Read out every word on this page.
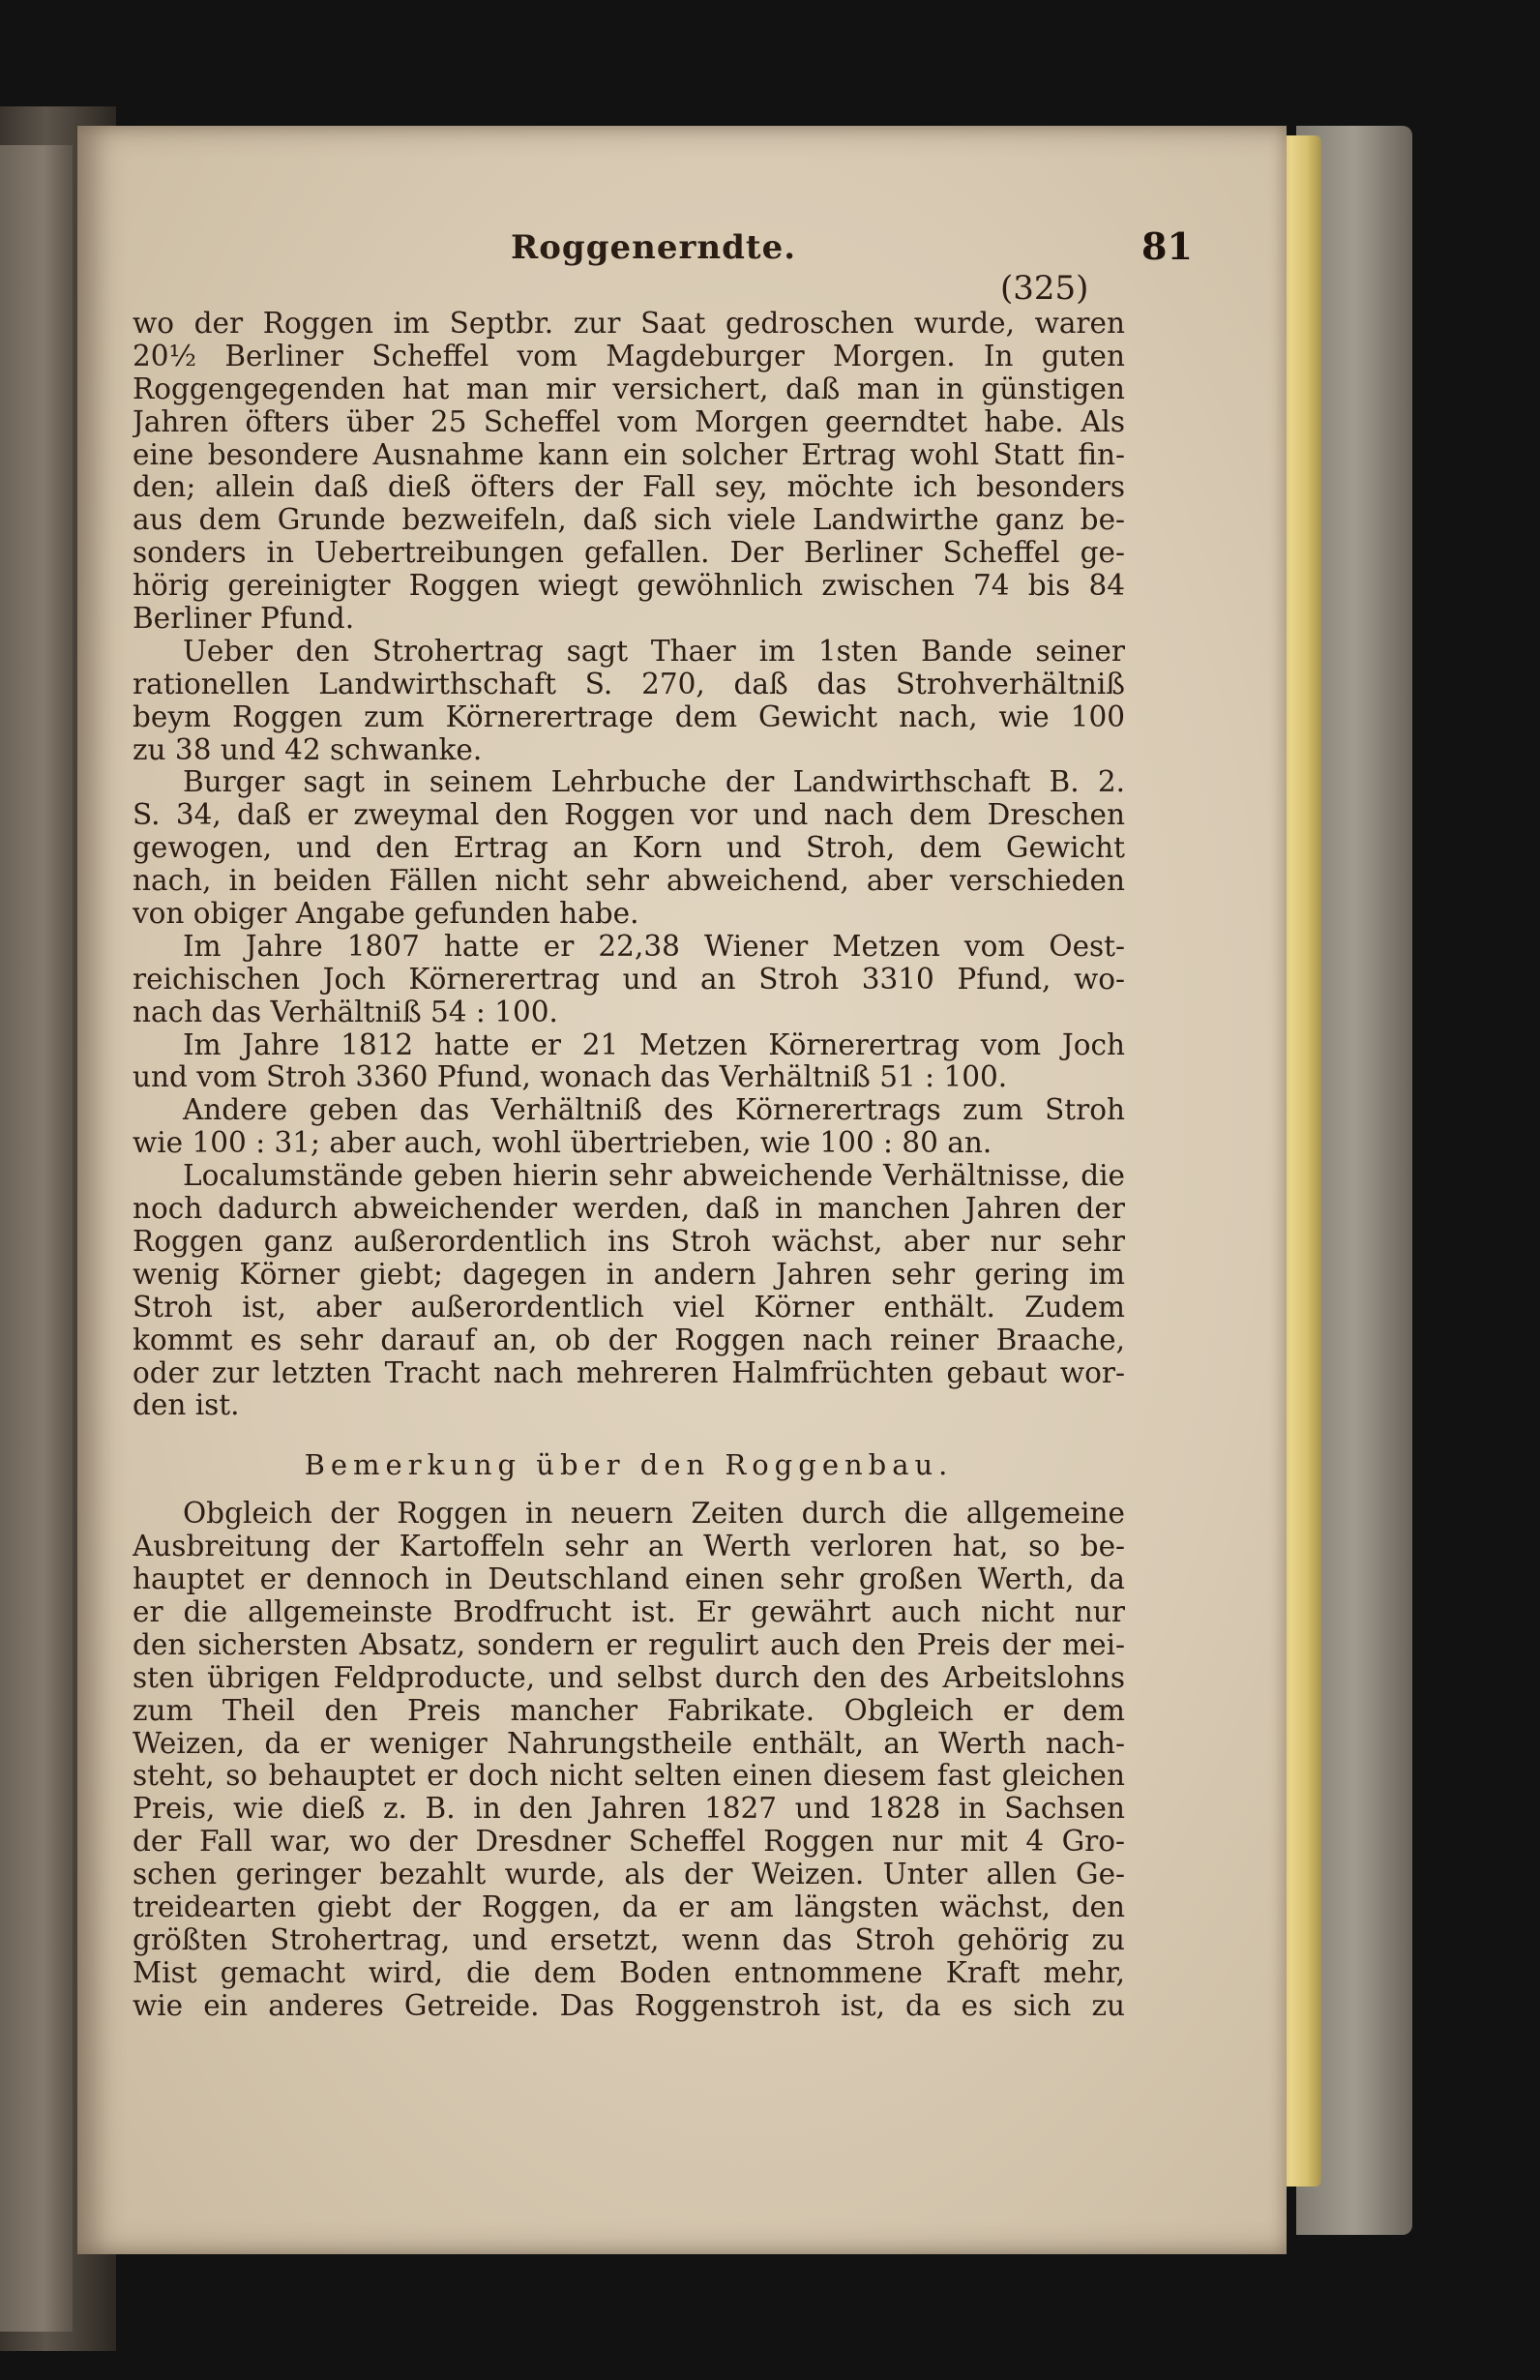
Roggenerndte.	81
(325)
wo der Roggen im Septbr. zur Saat gedroschen wurde, waren
20½ Berliner Scheffel vom Magdeburger Morgen. In guten
Roggengegenden hat man mir versichert, daß man in günstigen
Jahren öfters über 25 Scheffel vom Morgen geerndtet habe. Als
eine besondere Ausnahme kann ein solcher Ertrag wohl Statt fin-
den; allein daß dieß öfters der Fall sey, möchte ich besonders
aus dem Grunde bezweifeln, daß sich viele Landwirthe ganz be-
sonders in Uebertreibungen gefallen. Der Berliner Scheffel ge-
hörig gereinigter Roggen wiegt gewöhnlich zwischen 74 bis 84
Berliner Pfund.
Ueber den Strohertrag sagt Thaer im 1sten Bande seiner
rationellen Landwirthschaft S. 270, daß das Strohverhältniß
beym Roggen zum Körnerertrage dem Gewicht nach, wie 100
zu 38 und 42 schwanke.
Burger sagt in seinem Lehrbuche der Landwirthschaft B. 2.
S. 34, daß er zweymal den Roggen vor und nach dem Dreschen
gewogen, und den Ertrag an Korn und Stroh, dem Gewicht
nach, in beiden Fällen nicht sehr abweichend, aber verschieden
von obiger Angabe gefunden habe.
Im Jahre 1807 hatte er 22,38 Wiener Metzen vom Oest-
reichischen Joch Körnerertrag und an Stroh 3310 Pfund, wo-
nach das Verhältniß 54 : 100.
Im Jahre 1812 hatte er 21 Metzen Körnerertrag vom Joch
und vom Stroh 3360 Pfund, wonach das Verhältniß 51 : 100.
Andere geben das Verhältniß des Körnerertrags zum Stroh
wie 100 : 31; aber auch, wohl übertrieben, wie 100 : 80 an.
Localumstände geben hierin sehr abweichende Verhältnisse, die
noch dadurch abweichender werden, daß in manchen Jahren der
Roggen ganz außerordentlich ins Stroh wächst, aber nur sehr
wenig Körner giebt; dagegen in andern Jahren sehr gering im
Stroh ist, aber außerordentlich viel Körner enthält. Zudem
kommt es sehr darauf an, ob der Roggen nach reiner Braache,
oder zur letzten Tracht nach mehreren Halmfrüchten gebaut wor-
den ist.
Bemerkung über den Roggenbau.
Obgleich der Roggen in neuern Zeiten durch die allgemeine
Ausbreitung der Kartoffeln sehr an Werth verloren hat, so be-
hauptet er dennoch in Deutschland einen sehr großen Werth, da
er die allgemeinste Brodfrucht ist. Er gewährt auch nicht nur
den sichersten Absatz, sondern er regulirt auch den Preis der mei-
sten übrigen Feldproducte, und selbst durch den des Arbeitslohns
zum Theil den Preis mancher Fabrikate. Obgleich er dem
Weizen, da er weniger Nahrungstheile enthält, an Werth nach-
steht, so behauptet er doch nicht selten einen diesem fast gleichen
Preis, wie dieß z. B. in den Jahren 1827 und 1828 in Sachsen
der Fall war, wo der Dresdner Scheffel Roggen nur mit 4 Gro-
schen geringer bezahlt wurde, als der Weizen. Unter allen Ge-
treidearten giebt der Roggen, da er am längsten wächst, den
größten Strohertrag, und ersetzt, wenn das Stroh gehörig zu
Mist gemacht wird, die dem Boden entnommene Kraft mehr,
wie ein anderes Getreide. Das Roggenstroh ist, da es sich zu
